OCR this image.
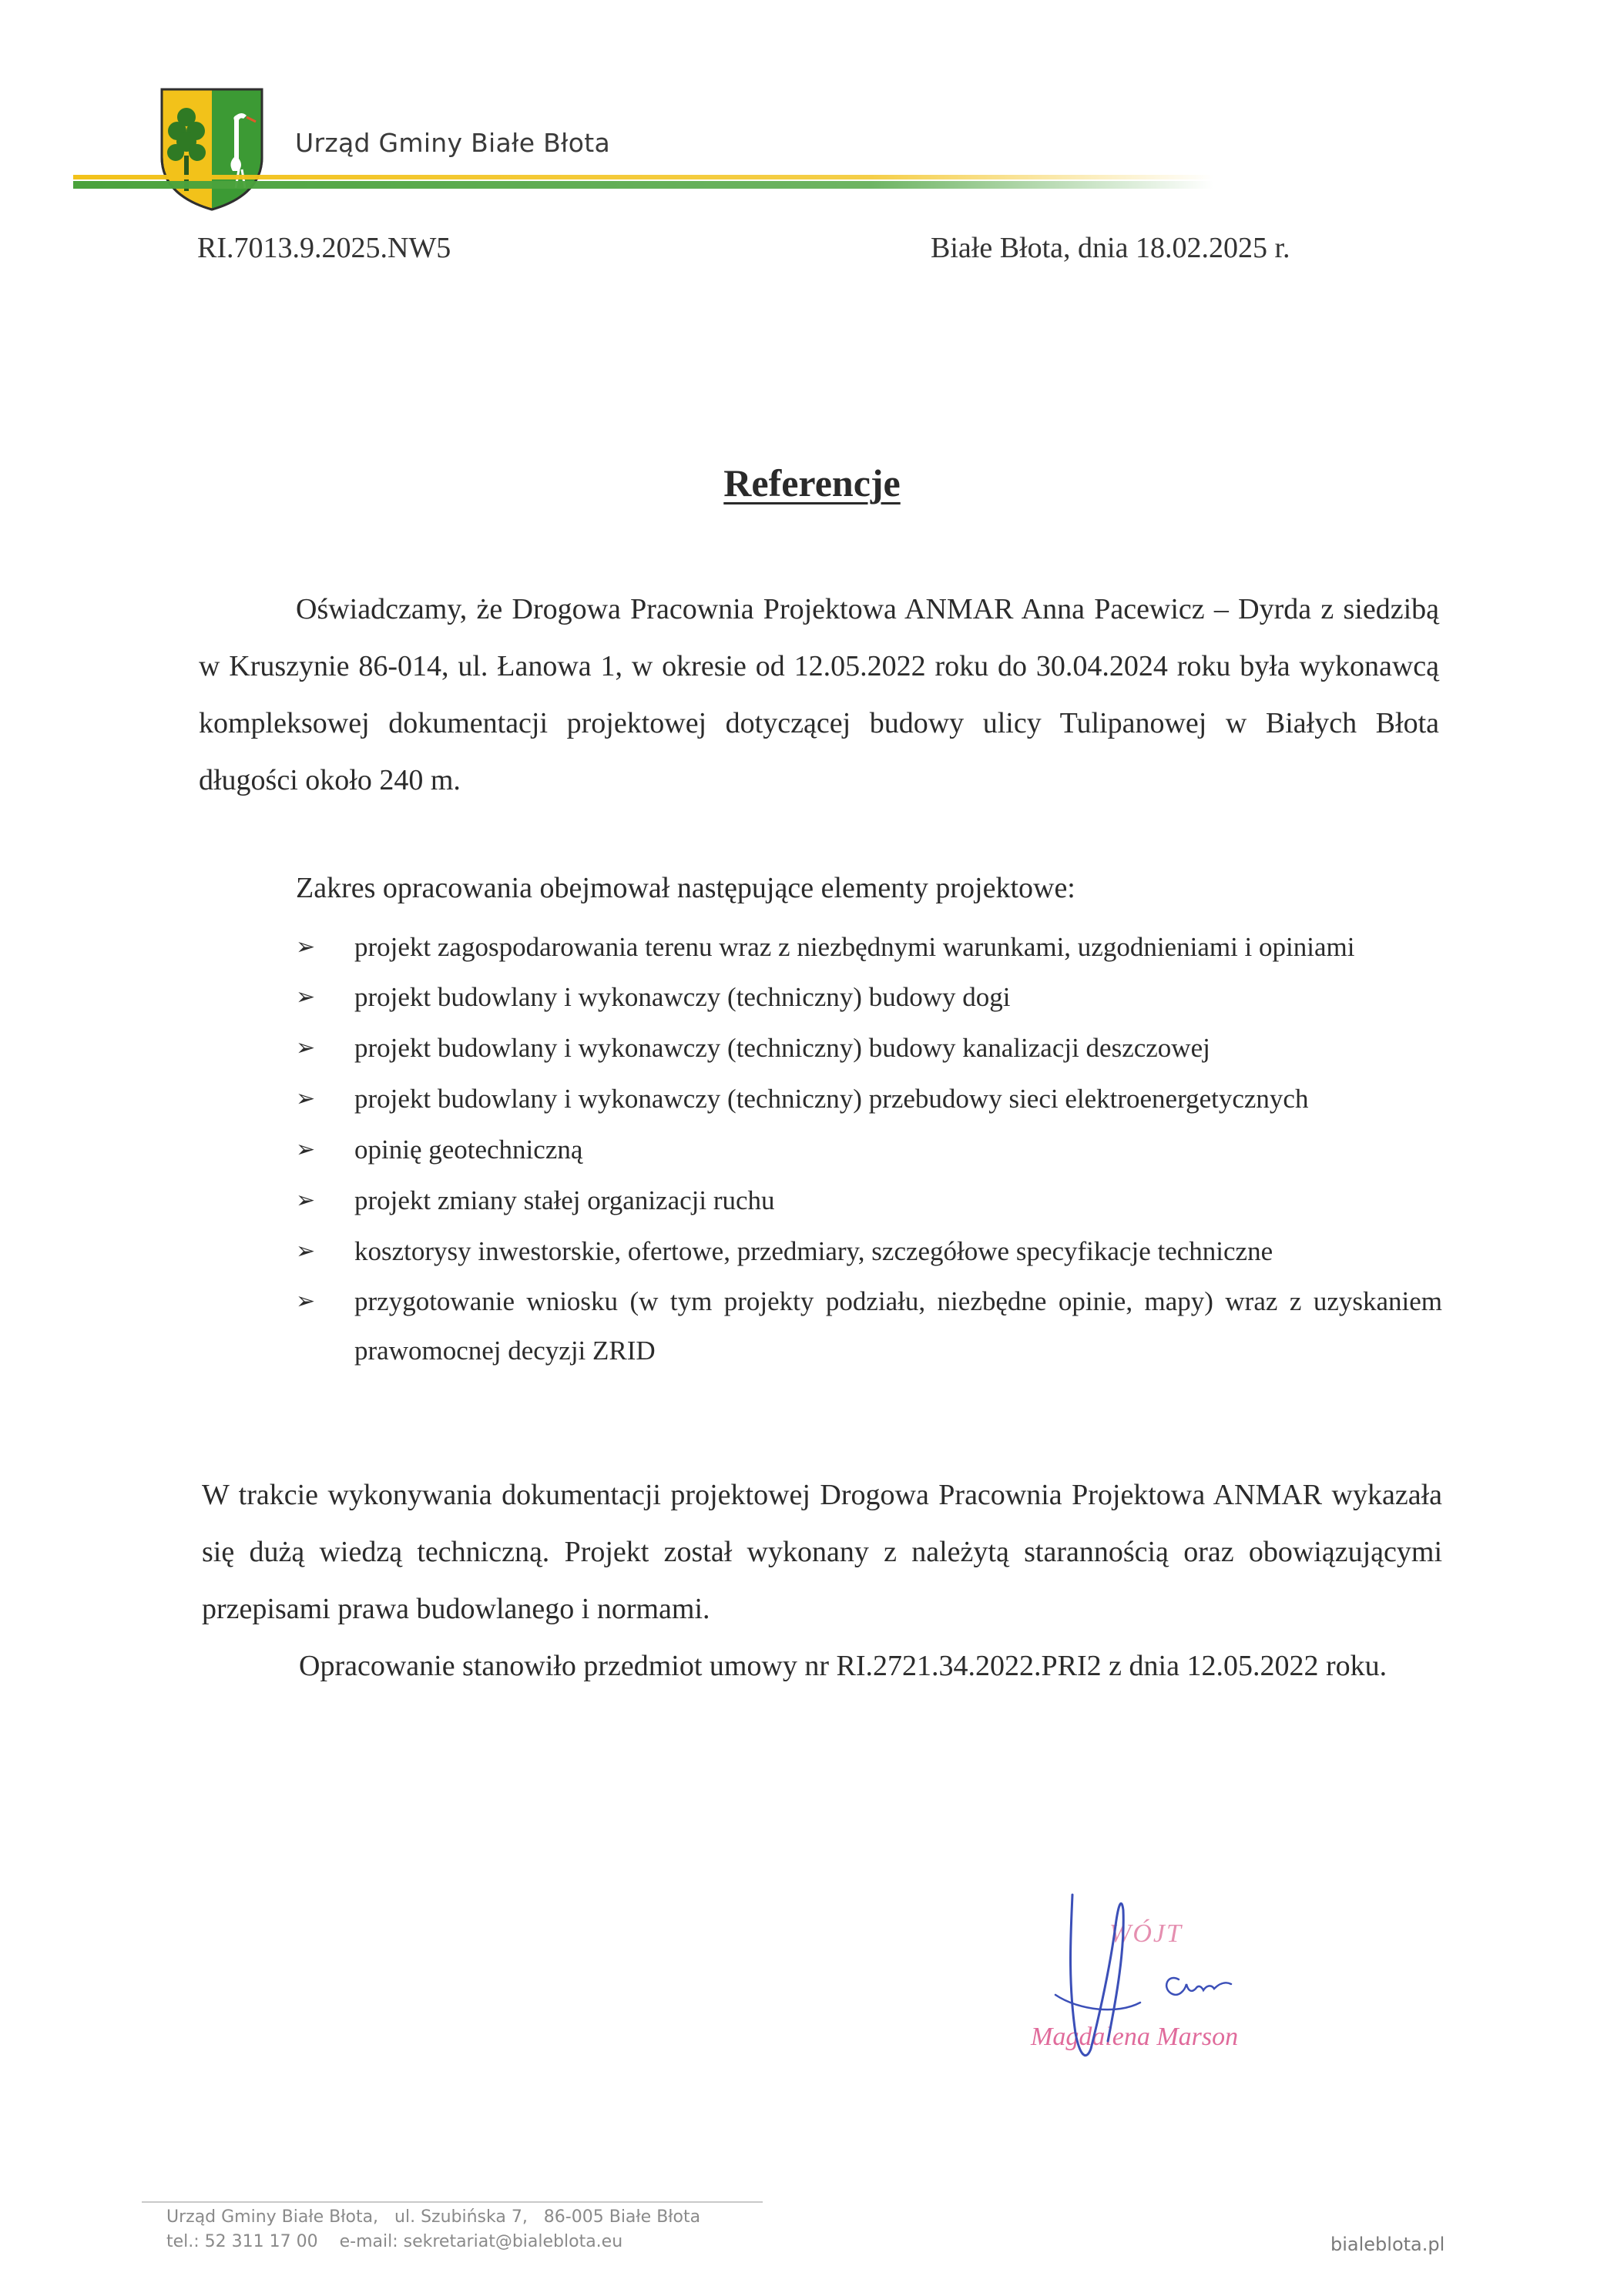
Urząd Gminy Białe Błota
RI.7013.9.2025.NW5	Białe Błota, dnia 18.02.2025 r.
Referencje
Oświadczamy, że Drogowa Pracownia Projektowa ANMAR Anna Pacewicz – Dyrda z siedzibą w Kruszynie 86-014, ul. Łanowa 1, w okresie od 12.05.2022 roku do 30.04.2024 roku była wykonawcą kompleksowej dokumentacji projektowej dotyczącej budowy ulicy Tulipanowej w Białych Błota długości około 240 m.
Zakres opracowania obejmował następujące elementy projektowe:
➢ projekt zagospodarowania terenu wraz z niezbędnymi warunkami, uzgodnieniami i opiniami
➢ projekt budowlany i wykonawczy (techniczny) budowy dogi
➢ projekt budowlany i wykonawczy (techniczny) budowy kanalizacji deszczowej
➢ projekt budowlany i wykonawczy (techniczny) przebudowy sieci elektroenergetycznych
➢ opinię geotechniczną
➢ projekt zmiany stałej organizacji ruchu
➢ kosztorysy inwestorskie, ofertowe, przedmiary, szczegółowe specyfikacje techniczne
➢ przygotowanie wniosku (w tym projekty podziału, niezbędne opinie, mapy) wraz z uzyskaniem prawomocnej decyzji ZRID
W trakcie wykonywania dokumentacji projektowej Drogowa Pracownia Projektowa ANMAR wykazała się dużą wiedzą techniczną. Projekt został wykonany z należytą starannością oraz obowiązującymi przepisami prawa budowlanego i normami.
Opracowanie stanowiło przedmiot umowy nr RI.2721.34.2022.PRI2 z dnia 12.05.2022 roku.
WÓJT
Magdalena Marson
Urząd Gminy Białe Błota,   ul. Szubińska 7,   86-005 Białe Błota
tel.: 52 311 17 00    e-mail: sekretariat@bialeblota.eu	bialeblota.pl
